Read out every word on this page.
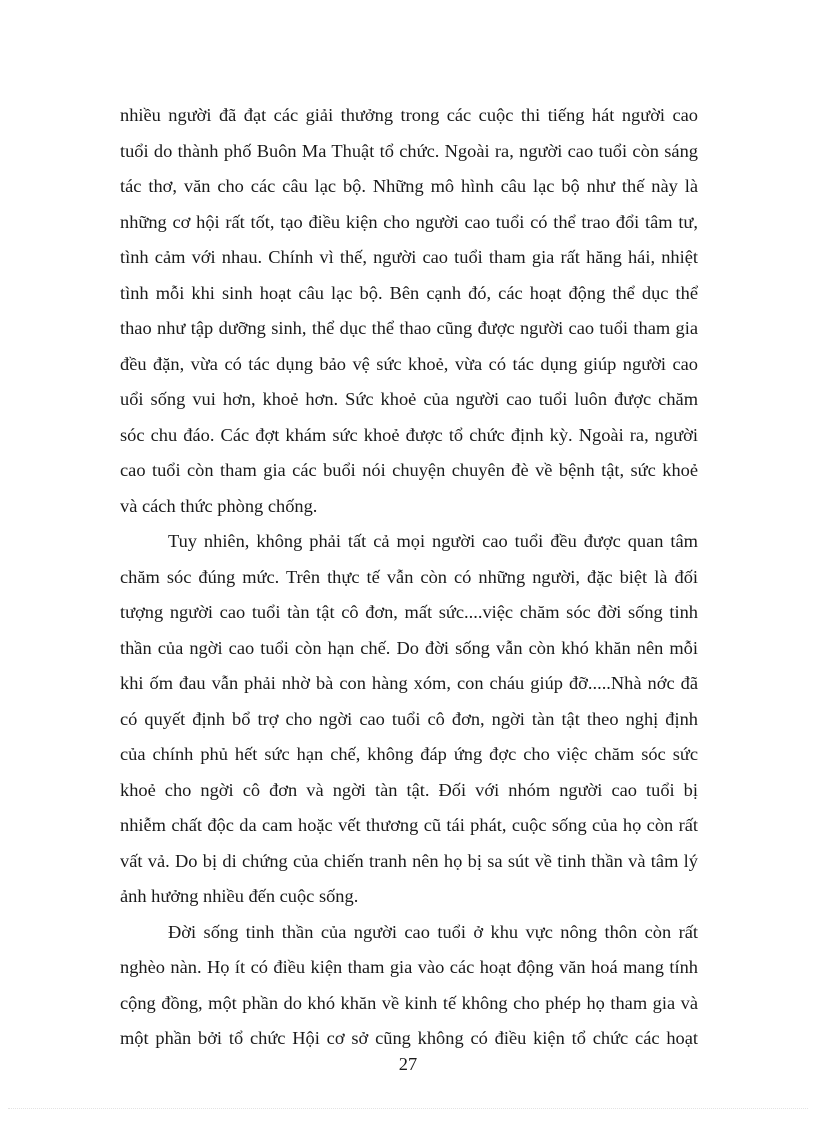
nhiều người đã đạt các giải thưởng trong các cuộc thi tiếng hát người cao
tuổi do thành phố Buôn Ma Thuật tổ chức. Ngoài ra, người cao tuổi còn sáng
tác thơ, văn cho các câu lạc bộ. Những mô hình câu lạc bộ như thế này là
những cơ hội rất tốt, tạo điều kiện cho người cao tuổi có thể trao đổi tâm tư,
tình cảm với nhau. Chính vì thế, người cao tuổi tham gia rất hăng hái, nhiệt
tình mỗi khi sinh hoạt câu lạc bộ. Bên cạnh đó, các hoạt động thể dục thể
thao như tập dưỡng sinh, thể dục thể thao cũng được người cao tuổi tham gia
đều đặn, vừa có tác dụng bảo vệ sức khoẻ, vừa có tác dụng giúp người cao
uổi sống vui hơn, khoẻ hơn. Sức khoẻ của người cao tuổi luôn được chăm
sóc chu đáo. Các đợt khám sức khoẻ được tổ chức định kỳ. Ngoài ra, người
cao tuổi còn tham gia các buổi nói chuyện chuyên đè về bệnh tật, sức khoẻ
và cách thức phòng chống.
Tuy nhiên, không phải tất cả mọi người cao tuổi đều được quan tâm
chăm sóc đúng mức. Trên thực tế vẫn còn có những người, đặc biệt là đối
tượng người cao tuổi tàn tật cô đơn, mất sức....việc chăm sóc đời sống tinh
thần của ngời cao tuổi còn hạn chế. Do đời sống vẫn còn khó khăn nên mỗi
khi ốm đau vẫn phải nhờ bà con hàng xóm, con cháu giúp đỡ.....Nhà nớc đã
có quyết định bổ trợ cho ngời cao tuổi cô đơn, ngời tàn tật theo nghị định
của chính phủ hết sức hạn chế, không đáp ứng đợc cho việc chăm sóc sức
khoẻ cho ngời cô đơn và ngời tàn tật. Đối với nhóm người cao tuổi bị
nhiễm chất độc da cam hoặc vết thương cũ tái phát, cuộc sống của họ còn rất
vất vả. Do bị di chứng của chiến tranh nên họ bị sa sút về tinh thần và tâm lý
ảnh hưởng nhiều đến cuộc sống.
Đời sống tinh thần của người cao tuổi ở khu vực nông thôn còn rất
nghèo nàn. Họ ít có điều kiện tham gia vào các hoạt động văn hoá mang tính
cộng đồng, một phần do khó khăn về kinh tế không cho phép họ tham gia và
một phần bởi tổ chức Hội cơ sở cũng không có điều kiện tổ chức các hoạt
27
